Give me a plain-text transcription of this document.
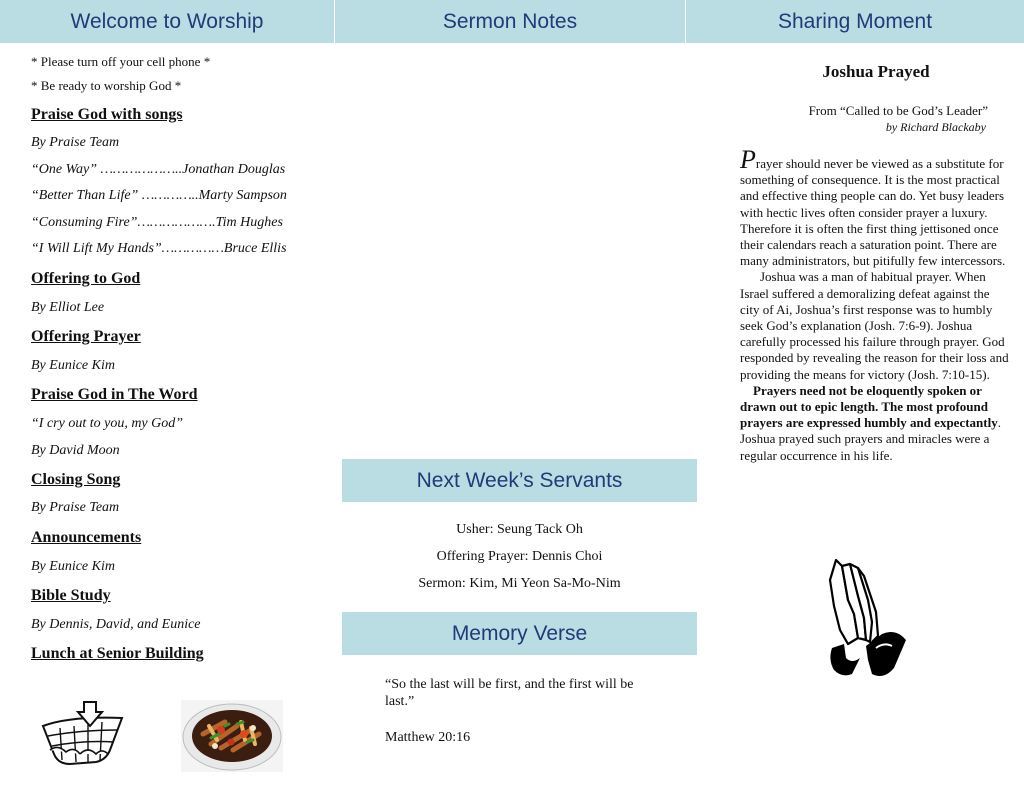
Welcome to Worship	Sermon Notes	Sharing Moment
Next Week’s Servants
Memory Verse
* Please turn off your cell phone *
* Be ready to worship God *
Praise God with songs
By Praise Team
“One Way” ………………..Jonathan Douglas
“Better Than Life” …………..Marty Sampson
“Consuming Fire”……………….Tim Hughes
“I Will Lift My Hands”……………Bruce Ellis
Offering to God
By Elliot Lee
Offering Prayer
By Eunice Kim
Praise God in The Word
“I cry out to you, my God”
By David Moon
Closing Song
By Praise Team
Announcements
By Eunice Kim
Bible Study
By Dennis, David, and Eunice
Lunch at Senior Building
Usher: Seung Tack Oh
Offering Prayer: Dennis Choi
Sermon: Kim, Mi Yeon Sa-Mo-Nim
“So the last will be first, and the first will be last.”
Matthew 20:16
Joshua Prayed
From “Called to be God’s Leader”
by Richard Blackaby
Prayer should never be viewed as a substitute for something of consequence. It is the most practical and effective thing people can do. Yet busy leaders with hectic lives often consider prayer a luxury. Therefore it is often the first thing jettisoned once their calendars reach a saturation point. There are many administrators, but pitifully few intercessors.
Joshua was a man of habitual prayer. When Israel suffered a demoralizing defeat against the city of Ai, Joshua’s first response was to humbly seek God’s explanation (Josh. 7:6-9). Joshua carefully processed his failure through prayer. God responded by revealing the reason for their loss and providing the means for victory (Josh. 7:10-15).
Prayers need not be eloquently spoken or drawn out to epic length. The most profound prayers are expressed humbly and expectantly. Joshua prayed such prayers and miracles were a regular occurrence in his life.
